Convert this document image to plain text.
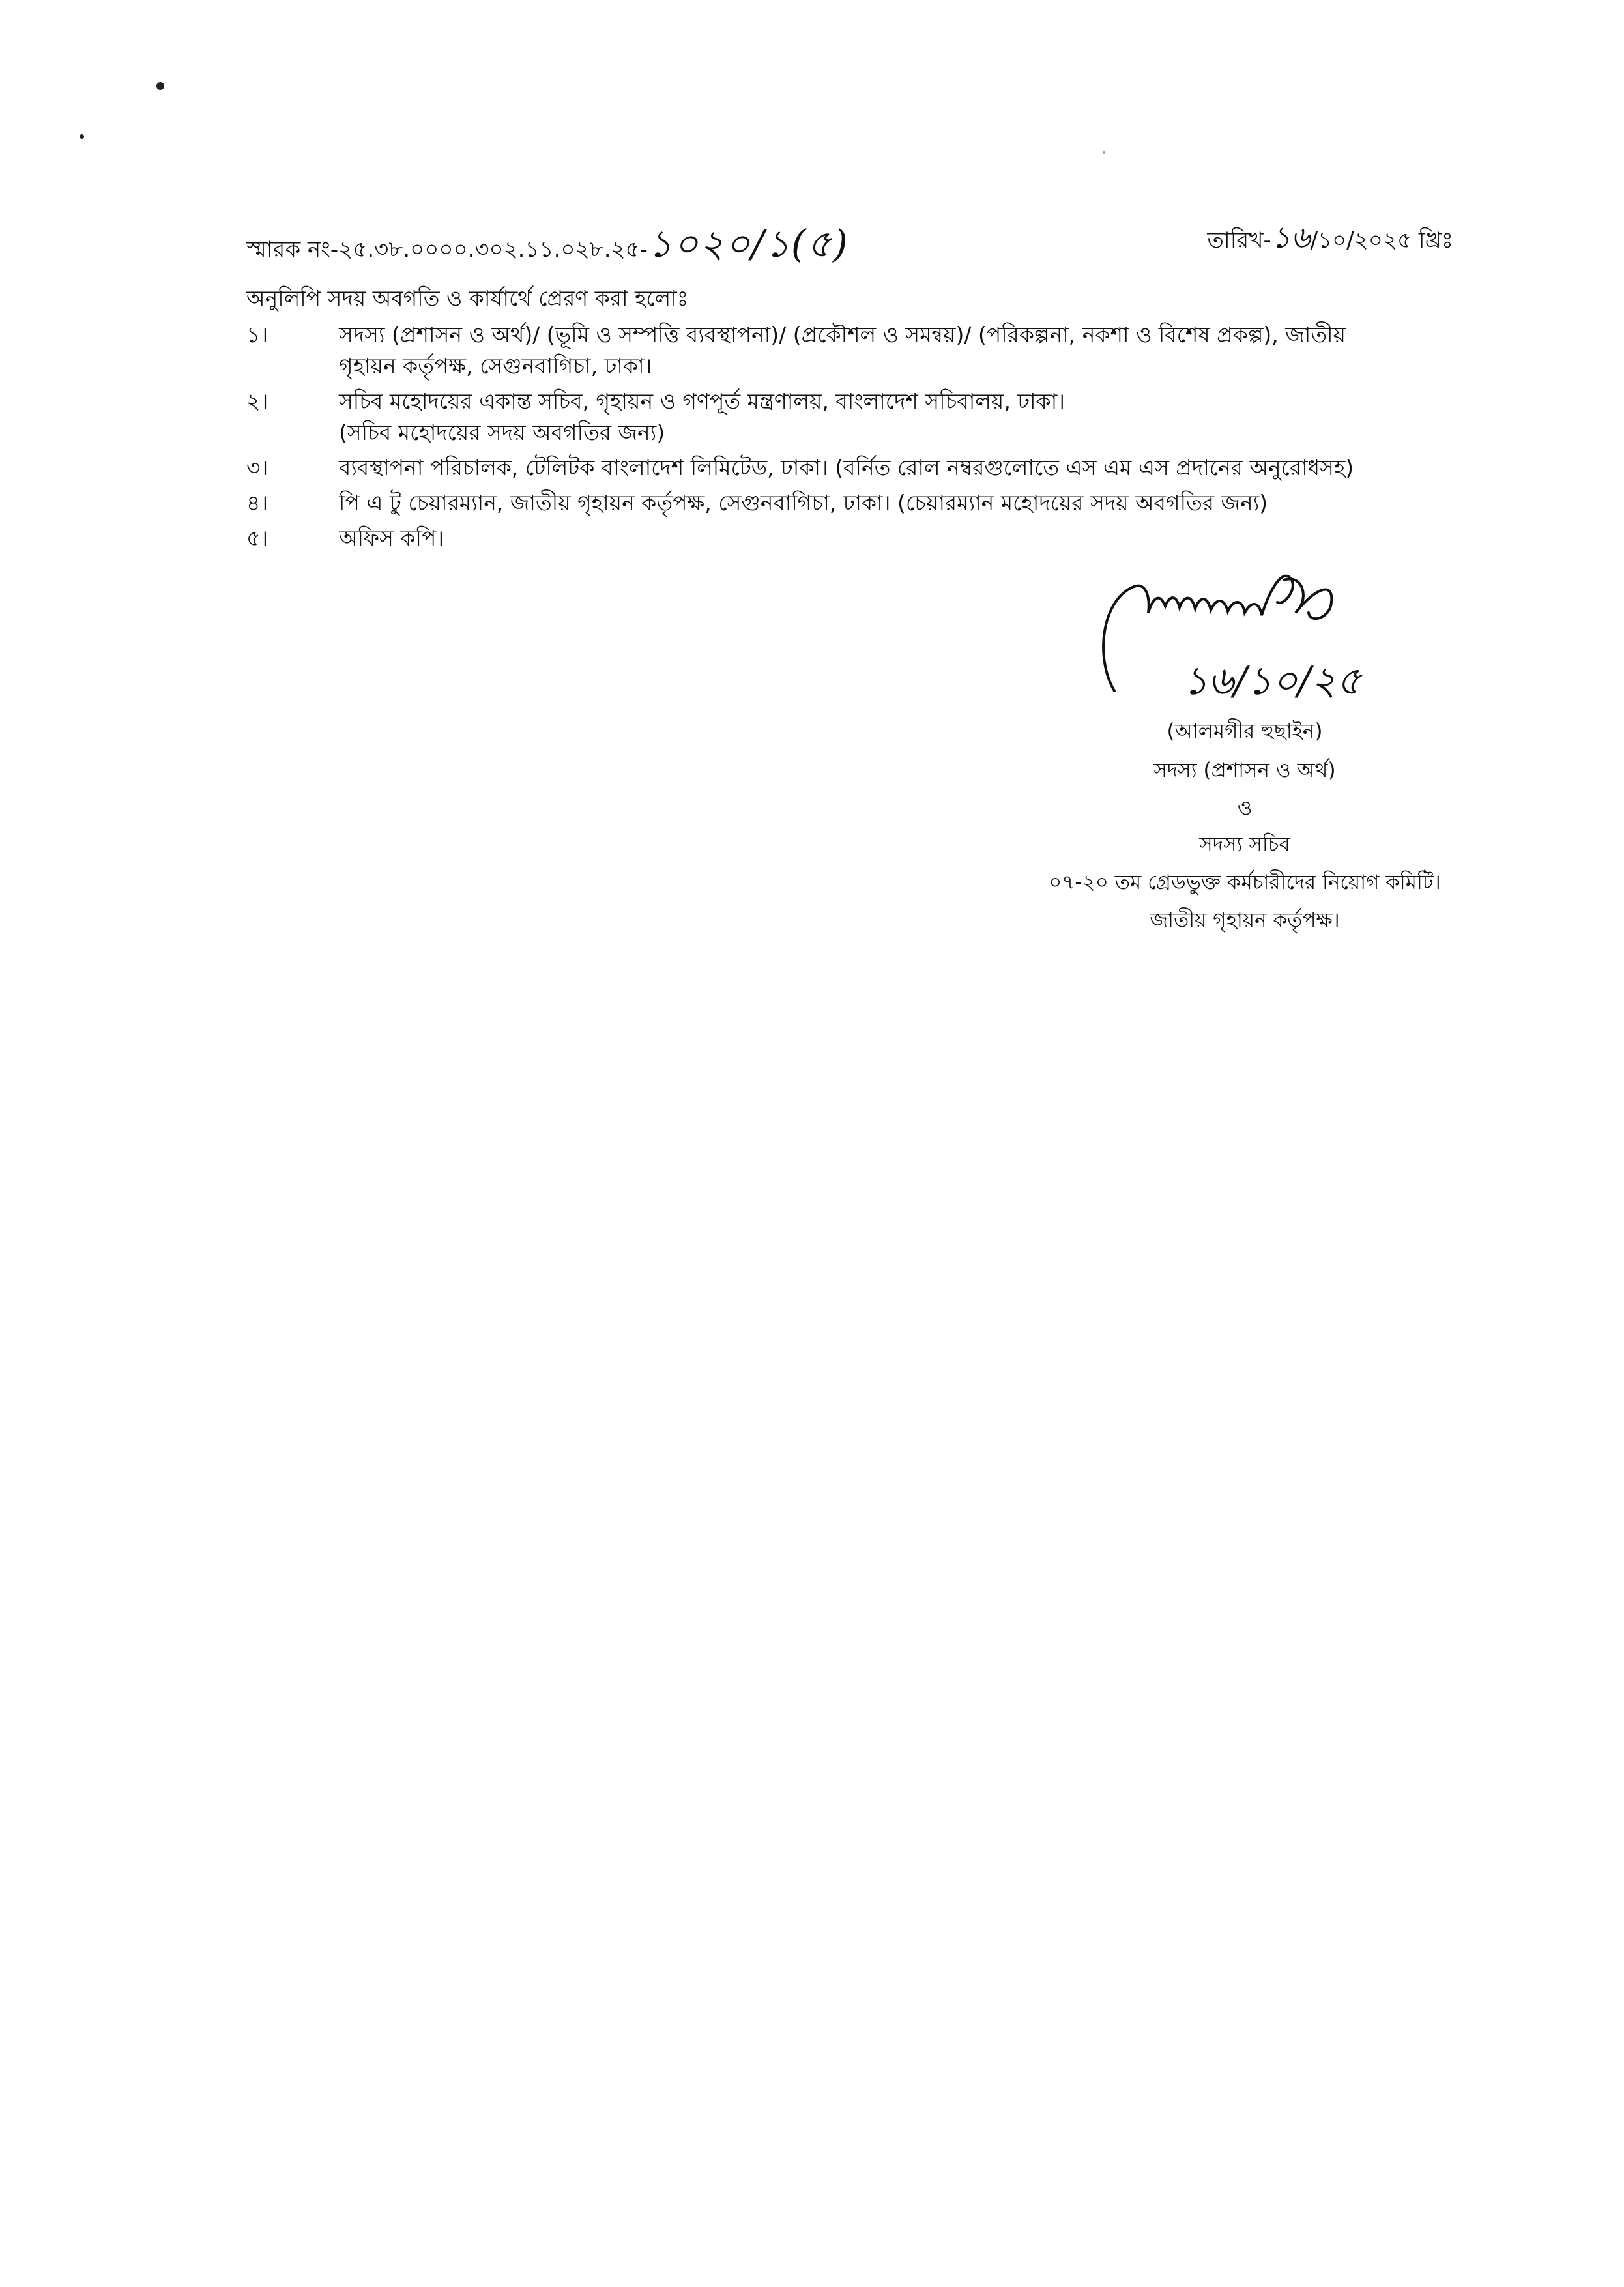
স্মারক নং-২৫.৩৮.০০০০.৩০২.১১.০২৮.২৫-১০২০/১(৫)	তারিখ-১৬/১০/২০২৫ খ্রিঃ
অনুলিপি সদয় অবগতি ও কার্যার্থে প্রেরণ করা হলোঃ
১।	সদস্য (প্রশাসন ও অর্থ)/ (ভূমি ও সম্পত্তি ব্যবস্থাপনা)/ (প্রকৌশল ও সমন্বয়)/ (পরিকল্পনা, নকশা ও বিশেষ প্রকল্প), জাতীয়
গৃহায়ন কর্তৃপক্ষ, সেগুনবাগিচা, ঢাকা।
২।	সচিব মহোদয়ের একান্ত সচিব, গৃহায়ন ও গণপূর্ত মন্ত্রণালয়, বাংলাদেশ সচিবালয়, ঢাকা।
(সচিব মহোদয়ের সদয় অবগতির জন্য)
৩।	ব্যবস্থাপনা পরিচালক, টেলিটক বাংলাদেশ লিমিটেড, ঢাকা। (বর্নিত রোল নম্বরগুলোতে এস এম এস প্রদানের অনুরোধসহ)
৪।	পি এ টু চেয়ারম্যান, জাতীয় গৃহায়ন কর্তৃপক্ষ, সেগুনবাগিচা, ঢাকা। (চেয়ারম্যান মহোদয়ের সদয় অবগতির জন্য)
৫।	অফিস কপি।
১৬/১০/২৫
(আলমগীর হুছাইন)
সদস্য (প্রশাসন ও অর্থ)
ও
সদস্য সচিব
০৭-২০ তম গ্রেডভুক্ত কর্মচারীদের নিয়োগ কমিটি।
জাতীয় গৃহায়ন কর্তৃপক্ষ।
